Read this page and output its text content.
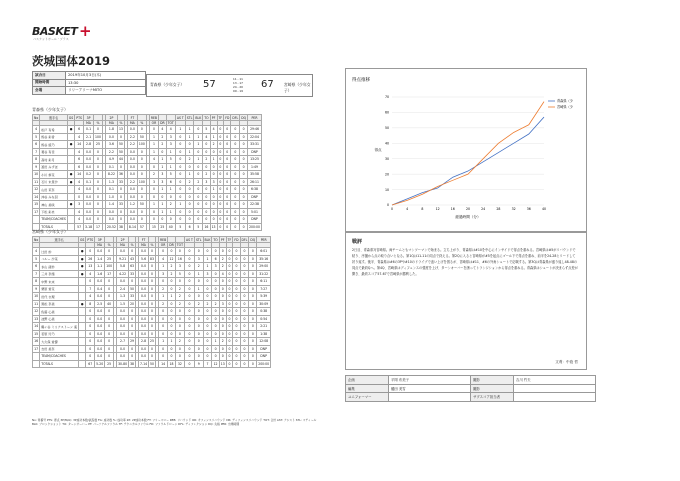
BASKET +
バスケットボール・プラス
茨城国体2019
試合日	2019年10月3日(木)
開始時間	13:30
会場	リリーアリーナMITO
青森県（少年女子） 57	11 - 11
13 - 17
24 - 20
09 - 19
67	宮崎県（少年女子）
青森県（少年女子）
No	選手名	GS	PTS	3P			2P			FT			REB			AS T	STL	BLK	TO	PF	TF	FD	DFL	DQ	PER
				MA	%		MA	%		MA	%		OR	DR	TOT										
4	松戸 有希	●	6	0-1	0		1-8	13		0-0	0		0	4	4	1	1	0	5	4	0	0	0	0	29:46
5	熊谷 彩香		4	2-1	100		0-0	0		2-2	50		1	2	3	0	1	1	4	1	0	0	0	0	22:04
6	熊谷 綾乃	●	14	2-8	25		3-6	50		2-2	100		1	2	3	0	0	1	0	2	0	0	0	0	33:31
7	葛谷 有佳		4	0-0	0		2-2	50		0-0	0		1	0	1	0	1	0	0	0	0	0	0	0	DNP
8	高村 彩月		6	0-0	0		4-9	44		0-0	0		4	1	5	0	2	1	2	1	0	0	0	0	13:25
9	冨田 みずほ		6	0-0	0		0-1	0		0-0	0		0	1	1	0	0	0	0	0	0	0	0	0	1:49
10	小川 侑花	●	14	0-2	0		8-22	36		0-0	0		2	3	5	0	1	0	2	0	0	0	0	0	35:58
11	石川 未里沙	●	4	0-1	0		1-3	33		2-2	100		3	3	6	0	2	2	3	3	0	0	0	0	26:11
12	山田 茉奈		4	0-0	0		0-1	0		0-0	0		0	1	1	0	0	0	0	1	0	0	0	0	6:38
14	沖谷 みな羽		0	0-0	0		1-0	0		0-0	0		0	0	0	0	0	0	0	0	0	0	0	0	DNP
15	神山 美咲	●	3	0-0	0		1-4	33		1-2	50		1	1	2	1	0	0	0	0	0	0	0	0	22:38
17	下松 彩央		4	0-0	0		0-0	0		0-0	0		0	1	1	0	0	0	0	0	0	0	0	0	5:01
	TEAM/COACHES		4	0-0	0		0-0	0		0-0	0		0	0	0	0	0	0	0	0	0	0	0	0	DNP
	TOTALS		57	3-18	17		20-52	38		8-14	57		15	25	40	5	6	5	16	13	0	0	0	0	200:00
宮崎県（少年女子）
No	選手名	GS	PTS	3P			2P			FT			REB			AS T	STL	BLK	TO	PF	TF	FD	DFL	DQ	PER
				MA	%		MA	%		MA	%		OR	DR	TOT										
4	辻田 紗	●	0	0-0	0		0-0	0		0-0	0		0	0	0	0	0	0	0	0	0	0	0	0	6:01
5	バルー 沙菜	●	26	1-4	25		9-21	43		5-6	83		4	12	16	0	3	1	6	2	0	0	0	0	35:16
6	永山 渚紗	●	13	1-1	100		5-8	63		0-0	0		1	2	3	0	2	1	3	2	0	0	0	0	29:00
7	三井 奈緒	●	4	1-6	17		4-22	33		0-0	0		3	2	5	0	1	3	0	4	0	0	0	0	31:22
8	中野 未来		0	0-0	0		0-0	0		0-0	0		0	0	0	0	0	0	0	0	0	0	0	0	6:11
9	栗原 愛花		7	0-4	0		2-4	50		0-0	0		2	0	2	0	1	0	0	0	0	0	0	0	7:27
10	田代 衣理		4	0-0	0		1-3	33		0-0	0		1	1	2	0	0	0	0	0	0	0	0	0	5:39
11	黒松 奈美	●	8	2-5	40		1-5	20		0-0	0		2	0	2	0	2	2	2	3	0	0	0	0	30:09
12	佐藤 心美		0	0-0	0		0-0	0		0-0	0		0	0	0	0	0	0	0	0	0	0	0	0	0:38
13	池野 心美		0	0-0	0		0-0	0		0-0	0		0	0	0	0	0	0	0	0	0	0	0	0	0:54
14	鶴ヶ谷 ミリアストーン 遥		0	0-0	0		0-0	0		0-0	0		0	0	0	0	0	0	0	0	0	0	0	0	2:21
15	若原 玲乃		0	0-0	0		0-0	0		0-0	0		0	0	0	0	0	0	0	0	0	0	0	0	1:38
16	大久保 愛優		0	0-0	0		2-7	29		2-8	25		1	1	2	0	0	0	1	2	0	0	0	0	12:08
17	吉田 美奈		0	0-0	0		0-0	0		0-0	0		0	0	0	0	0	0	0	0	0	0	0	0	DNP
	TEAM/COACHES		0	0-0	0		0-0	0		0-0	0		0	0	0	0	0	0	0	0	0	0	0	0	DNP
	TOTALS		67	5-20	25		30-80	38		7-14	50		14	18	32	0	9	7	12	13	0	0	0	0	200:00
No: 背番号 PTS: 得点 3P(M/A): 3P成功本数/試投数 FG: 成功数 %: 成功率 2P: 2P成功本数 FT: フリースロー REB: リバウンド OR: オフェンスリバウンド DR: ディフェンスリバウンド TOT: 合計 AST: アシスト STL: スティール BLK: ブロックショット TO: ターンオーバー PF: パーソナルファウル TF: テクニカルファウル FD: ファウルドローン DFL: ディフレクション DQ: 失格 PER: 出場時間
得点推移
0
10
20
30
40
50
60
70
0	4	8	12	16	20	24	28	32	36	40
経過時間（分）
得点
青森県（少
宮崎県（少
戦評
2日目、青森県対宮崎県。両チームともマンツーマンで始まる。立ち上がり、青森県は#10を中心にインサイドで得点を重ねる。宮崎県は#5がリバウンドで粘り、序盤から点の取り合いとなる。第1Qは11-11の同点で終える。第2Qに入ると宮崎県が#5を起点にゴール下で得点を重ね、前半を24-28とリードして折り返す。後半、青森県は#6の3Pや#10のドライブで追い上げを図るが、宮崎県は#11、#6の外角シュートで応戦する。第3Qは青森県が盛り返し48-48の同点で最終Qへ。第4Q、宮崎県はディフェンスの強度を上げ、ターンオーバーを誘ってトランジションから得点を重ねる。青森県はシュートが決まらず点差が開き、最終スコア57-67で宮崎県が勝利した。
文責：中島 哲
企画	平岡 布美子	撮影	吉川 竹夫
編集	樋田 美雪	撮影	
ユニフォーマー		サプスコア担当者	
